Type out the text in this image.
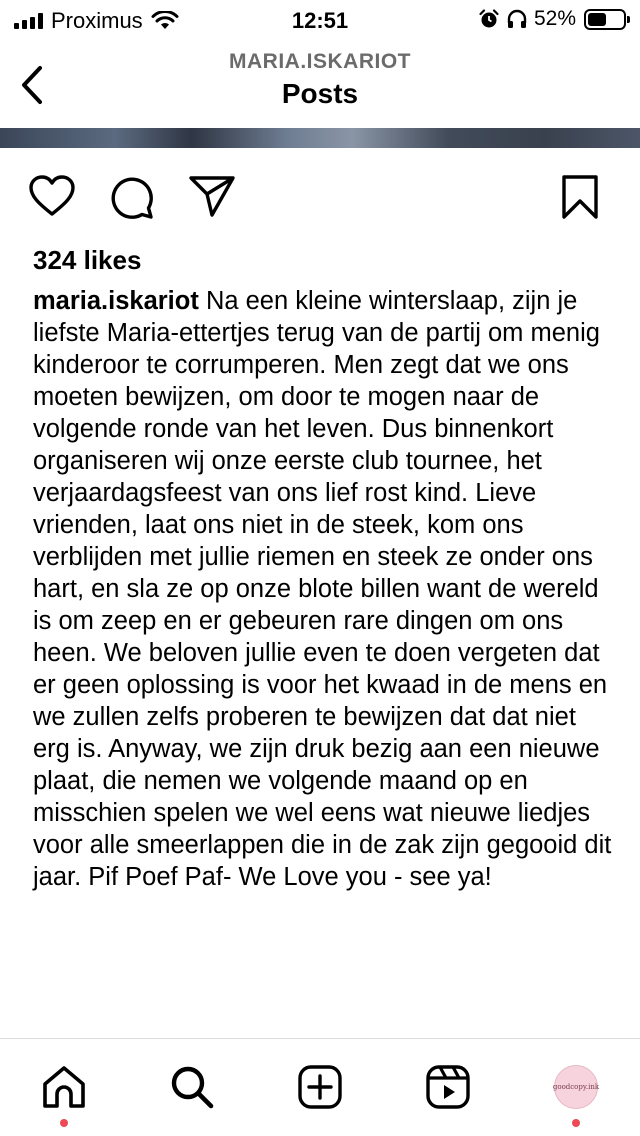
Proximus	12:51	52%
MARIA.ISKARIOT
Posts
324 likes
maria.iskariot Na een kleine winterslaap, zijn je liefste Maria-ettertjes terug van de partij om menig kinderoor te corrumperen. Men zegt dat we ons moeten bewijzen, om door te mogen naar de volgende ronde van het leven. Dus binnenkort organiseren wij onze eerste club tournee, het verjaardagsfeest van ons lief rost kind. Lieve vrienden, laat ons niet in de steek, kom ons verblijden met jullie riemen en steek ze onder ons hart, en sla ze op onze blote billen want de wereld is om zeep en er gebeuren rare dingen om ons heen. We beloven jullie even te doen vergeten dat er geen oplossing is voor het kwaad in de mens en we zullen zelfs proberen te bewijzen dat dat niet erg is. Anyway, we zijn druk bezig aan een nieuwe plaat, die nemen we volgende maand op en misschien spelen we wel eens wat nieuwe liedjes voor alle smeerlappen die in de zak zijn gegooid dit jaar. Pif Poef Paf- We Love you - see ya!
goodcopy.ink
